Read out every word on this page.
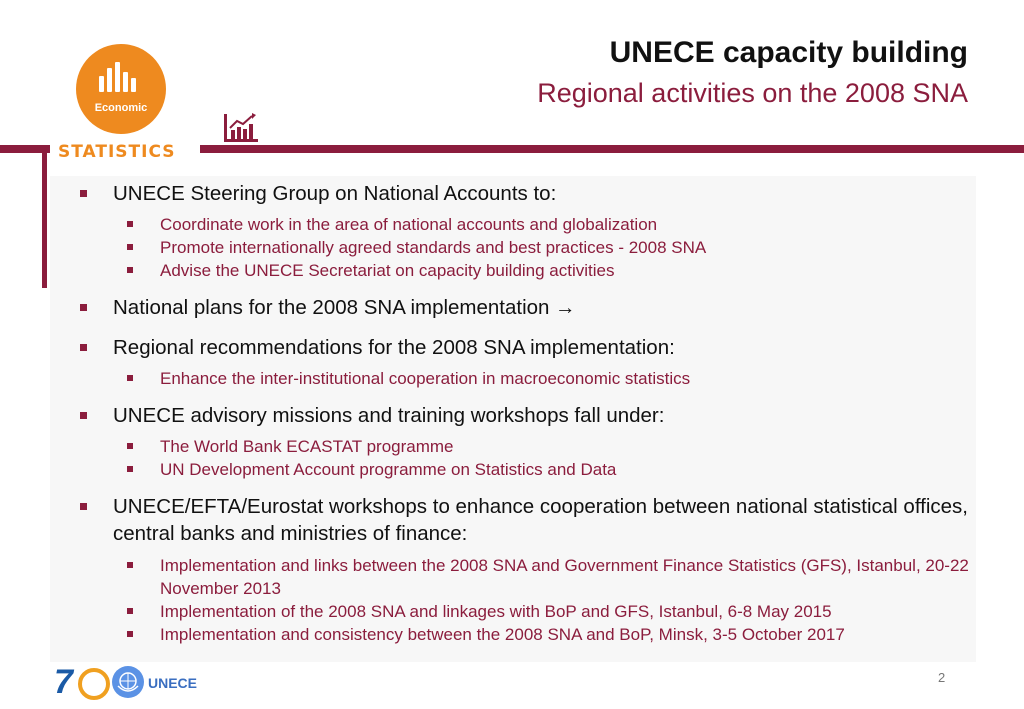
Economic
STATISTICS
UNECE capacity building
Regional activities on the 2008 SNA
UNECE Steering Group on National Accounts to:
Coordinate work in the area of national accounts and globalization
Promote internationally agreed standards and best practices - 2008 SNA
Advise the UNECE Secretariat on capacity building activities
National plans for the 2008 SNA implementation →
Regional recommendations for the 2008 SNA implementation:
Enhance the inter-institutional cooperation in macroeconomic statistics
UNECE advisory missions and training workshops fall under:
The World Bank ECASTAT programme
UN Development Account programme on Statistics and Data
UNECE/EFTA/Eurostat workshops to enhance cooperation between national statistical offices, central banks and ministries of finance:
Implementation and links between the 2008 SNA and Government Finance Statistics (GFS), Istanbul, 20-22 November 2013
Implementation of the 2008 SNA and linkages with BoP and GFS, Istanbul, 6-8 May 2015
Implementation and consistency between the 2008 SNA and BoP, Minsk, 3-5 October 2017
7	UNECE	2
